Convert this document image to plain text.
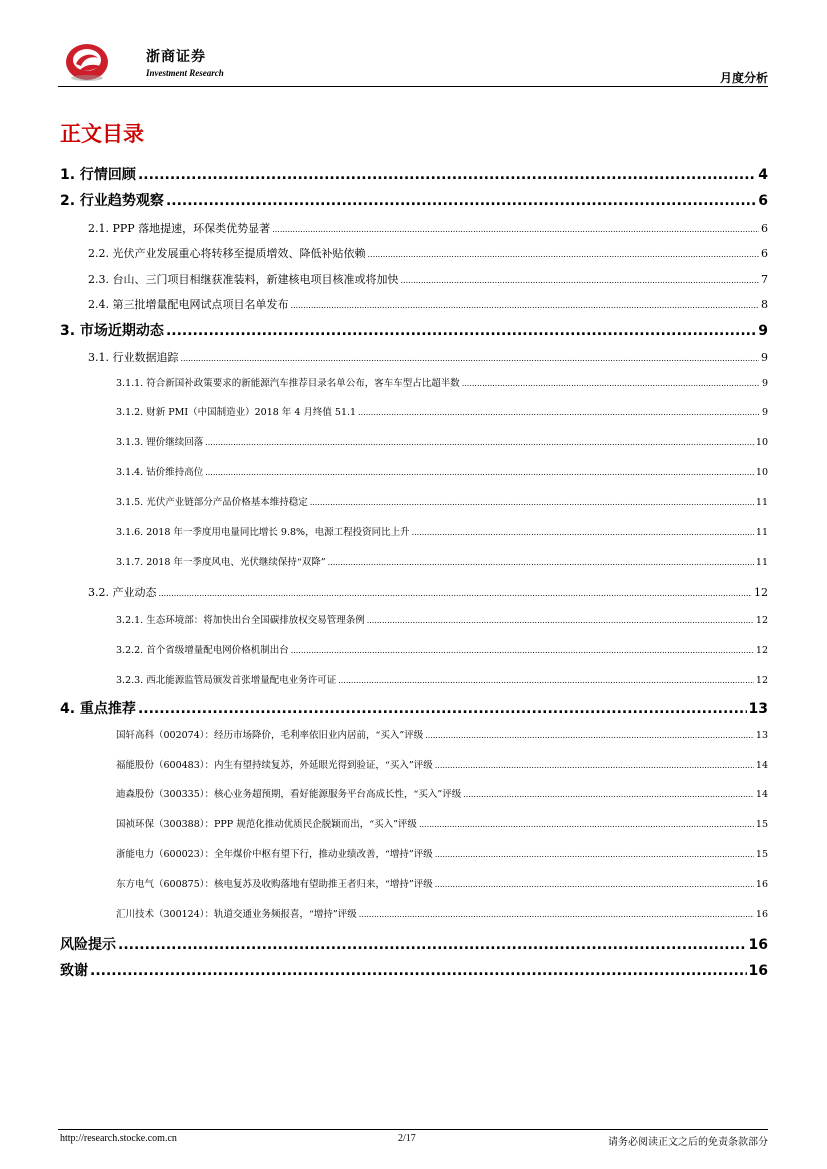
浙商证券
Investment Research	月度分析
正文目录
1. 行情回顾 .....	4
2. 行业趋势观察 .....	6
2.1. PPP 落地提速，环保类优势显著 .....	6
2.2. 光伏产业发展重心将转移至提质增效、降低补贴依赖 .....	6
2.3. 台山、三门项目相继获准装料，新建核电项目核准或将加快 .....	7
2.4. 第三批增量配电网试点项目名单发布 .....	8
3. 市场近期动态 .....	9
3.1. 行业数据追踪 .....	9
3.1.1. 符合新国补政策要求的新能源汽车推荐目录名单公布，客车车型占比超半数 .....	9
3.1.2. 财新 PMI（中国制造业）2018 年 4 月终值 51.1 .....	9
3.1.3. 锂价继续回落 .....	10
3.1.4. 钴价维持高位 .....	10
3.1.5. 光伏产业链部分产品价格基本维持稳定 .....	11
3.1.6. 2018 年一季度用电量同比增长 9.8%，电源工程投资同比上升 .....	11
3.1.7. 2018 年一季度风电、光伏继续保持“双降” .....	11
3.2. 产业动态 .....	12
3.2.1. 生态环境部：将加快出台全国碳排放权交易管理条例 .....	12
3.2.2. 首个省级增量配电网价格机制出台 .....	12
3.2.3. 西北能源监管局颁发首张增量配电业务许可证 .....	12
4. 重点推荐 .....	13
国轩高科（002074）：经历市场降价，毛利率依旧业内居前，“买入”评级 .....	13
福能股份（600483）：内生有望持续复苏，外延眼光得到验证，“买入”评级 .....	14
迪森股份（300335）：核心业务超预期，看好能源服务平台高成长性，“买入”评级 .....	14
国祯环保（300388）：PPP 规范化推动优质民企脱颖而出，“买入”评级 .....	15
浙能电力（600023）：全年煤价中枢有望下行，推动业绩改善，“增持”评级 .....	15
东方电气（600875）：核电复苏及收购落地有望助推王者归来，“增持”评级 .....	16
汇川技术（300124）：轨道交通业务频报喜，“增持”评级 .....	16
风险提示 .....	16
致谢 .....	16
http://research.stocke.com.cn	2/17	请务必阅读正文之后的免责条款部分
